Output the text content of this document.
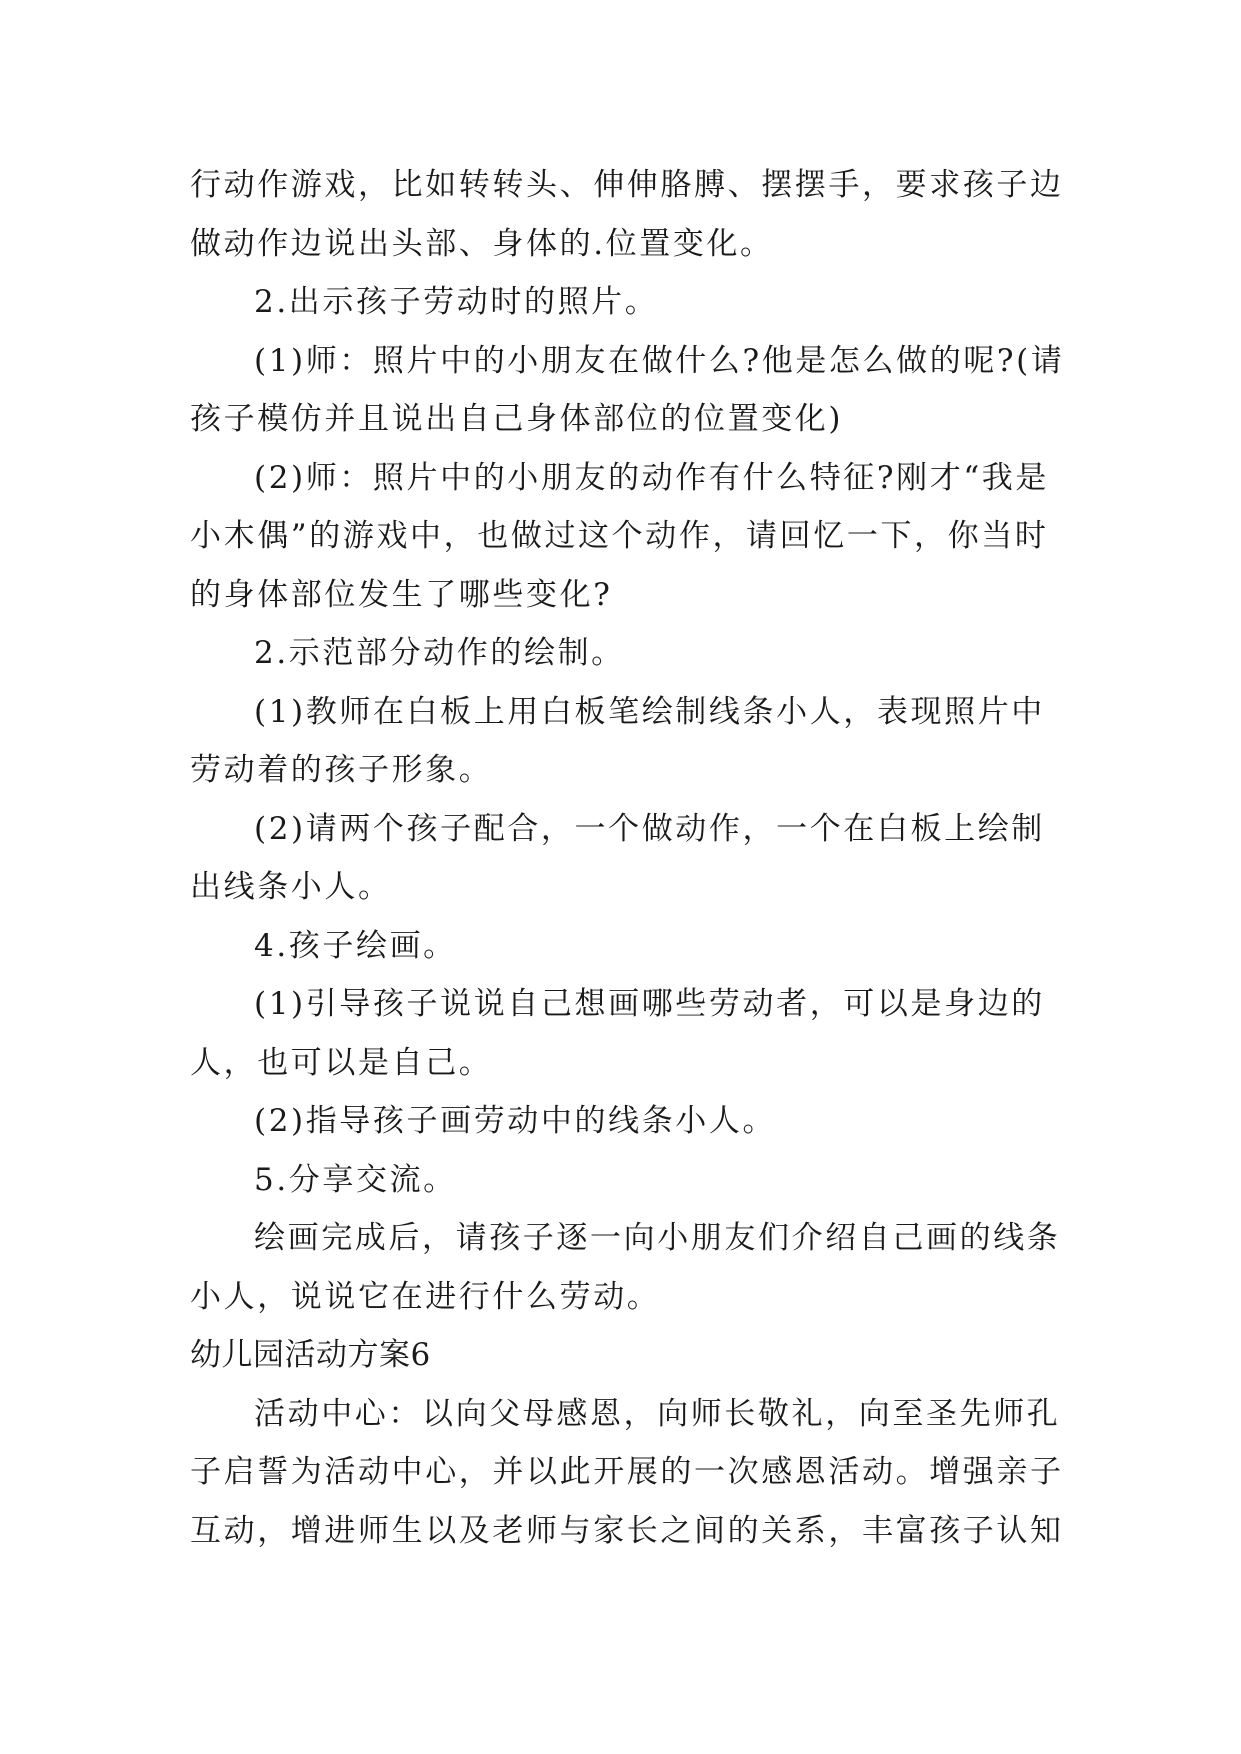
行动作游戏，比如转转头、伸伸胳膊、摆摆手，要求孩子边
做动作边说出头部、身体的.位置变化。
2.出示孩子劳动时的照片。
(1)师：照片中的小朋友在做什么?他是怎么做的呢?(请
孩子模仿并且说出自己身体部位的位置变化)
(2)师：照片中的小朋友的动作有什么特征?刚才“我是
小木偶”的游戏中，也做过这个动作，请回忆一下，你当时
的身体部位发生了哪些变化?
2.示范部分动作的绘制。
(1)教师在白板上用白板笔绘制线条小人，表现照片中
劳动着的孩子形象。
(2)请两个孩子配合，一个做动作，一个在白板上绘制
出线条小人。
4.孩子绘画。
(1)引导孩子说说自己想画哪些劳动者，可以是身边的
人，也可以是自己。
(2)指导孩子画劳动中的线条小人。
5.分享交流。
绘画完成后，请孩子逐一向小朋友们介绍自己画的线条
小人，说说它在进行什么劳动。
幼儿园活动方案6
活动中心：以向父母感恩，向师长敬礼，向至圣先师孔
子启誓为活动中心，并以此开展的一次感恩活动。增强亲子
互动，增进师生以及老师与家长之间的关系，丰富孩子认知
